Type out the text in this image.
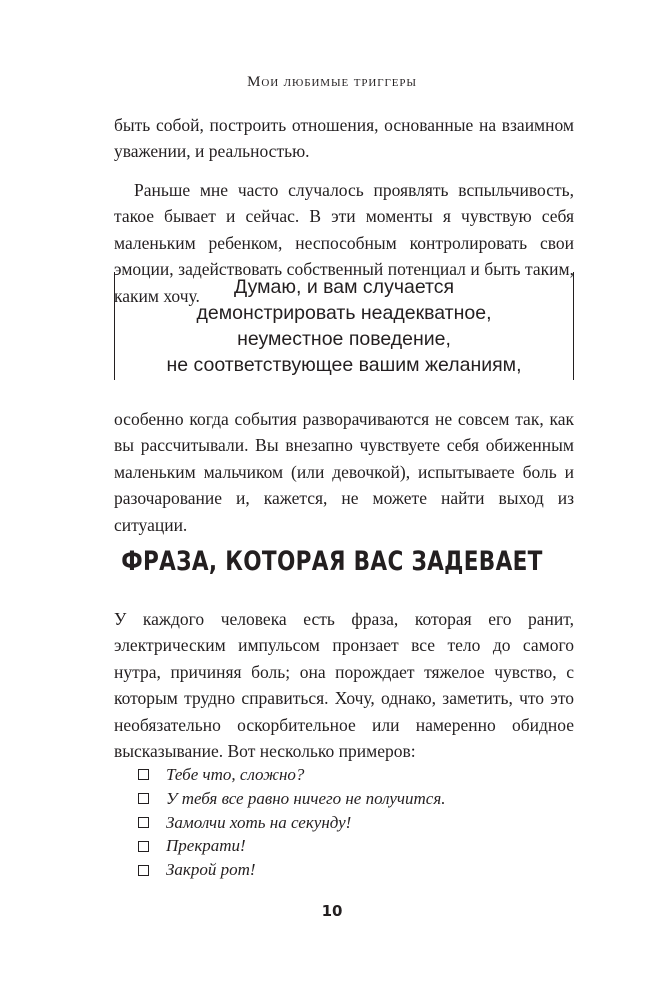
Мои любимые триггеры

быть собой, построить отношения, основанные на взаимном уважении, и реальностью.

Раньше мне часто случалось проявлять вспыльчивость, такое бывает и сейчас. В эти моменты я чувствую себя маленьким ребенком, неспособным контролировать свои эмоции, задействовать собственный потенциал и быть таким, каким хочу.	Думаю, и вам случается
демонстрировать неадекватное,
неуместное поведение,
не соответствующее вашим желаниям,

особенно когда события разворачиваются не совсем так, как вы рассчитывали. Вы внезапно чувствуете себя обиженным маленьким мальчиком (или девочкой), испытываете боль и разочарование и, кажется, не можете найти выход из ситуации.

ФРАЗА, КОТОРАЯ ВАС ЗАДЕВАЕТ

У каждого человека есть фраза, которая его ранит, электрическим импульсом пронзает все тело до самого нутра, причиняя боль; она порождает тяжелое чувство, с которым трудно справиться. Хочу, однако, заметить, что это необязательно оскорбительное или намеренно обидное высказывание. Вот несколько примеров:

Тебе что, сложно?
У тебя все равно ничего не получится.
Замолчи хоть на секунду!
Прекрати!
Закрой рот!
10
